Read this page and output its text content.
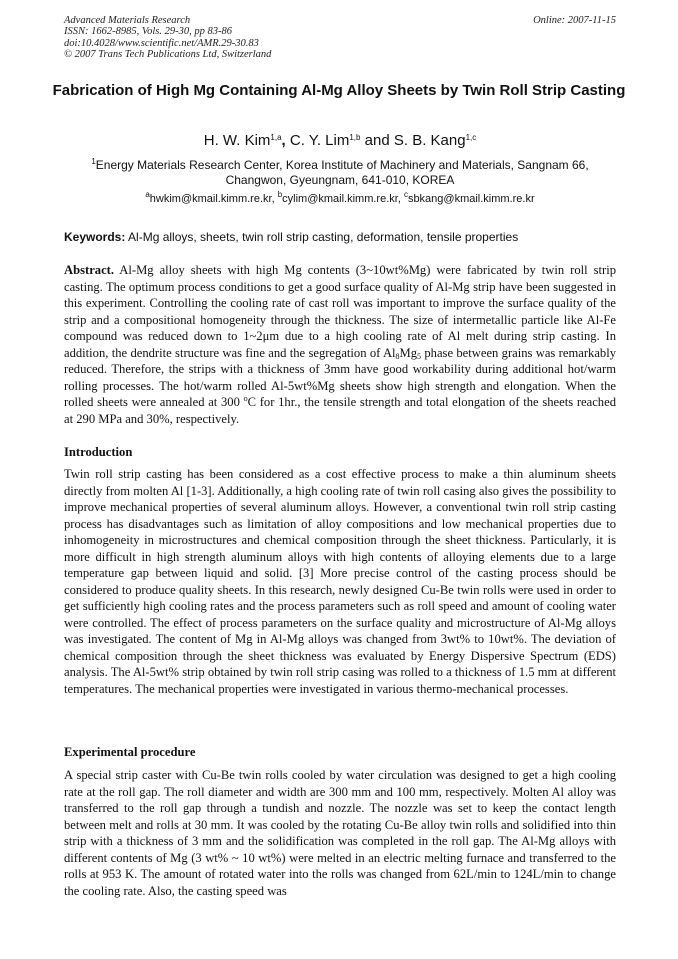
Advanced Materials Research
ISSN: 1662-8985, Vols. 29-30, pp 83-86
doi:10.4028/www.scientific.net/AMR.29-30.83
© 2007 Trans Tech Publications Ltd, Switzerland
Online: 2007-11-15
Fabrication of High Mg Containing Al-Mg Alloy Sheets by Twin Roll Strip Casting
H. W. Kim$^{1,a}$, C. Y. Lim$^{1,b}$ and S. B. Kang$^{1,c}$
$^1$Energy Materials Research Center, Korea Institute of Machinery and Materials, Sangnam 66,
Changwon, Gyeungnam, 641-010, KOREA
$^a$hwkim@kmail.kimm.re.kr, $^b$cylim@kmail.kimm.re.kr, $^c$sbkang@kmail.kimm.re.kr
Keywords: Al-Mg alloys, sheets, twin roll strip casting, deformation, tensile properties
Abstract. Al-Mg alloy sheets with high Mg contents (3~10wt%Mg) were fabricated by twin roll strip casting. The optimum process conditions to get a good surface quality of Al-Mg strip have been suggested in this experiment. Controlling the cooling rate of cast roll was important to improve the surface quality of the strip and a compositional homogeneity through the thickness. The size of intermetallic particle like Al-Fe compound was reduced down to 1~2μm due to a high cooling rate of Al melt during strip casting. In addition, the dendrite structure was fine and the segregation of $Al_8Mg_5$ phase between grains was remarkably reduced. Therefore, the strips with a thickness of 3mm have good workability during additional hot/warm rolling processes. The hot/warm rolled Al-5wt%Mg sheets show high strength and elongation. When the rolled sheets were annealed at 300 $^o$C for 1hr., the tensile strength and total elongation of the sheets reached at 290 MPa and 30%, respectively.
Introduction
Twin roll strip casting has been considered as a cost effective process to make a thin aluminum sheets directly from molten Al [1-3]. Additionally, a high cooling rate of twin roll casing also gives the possibility to improve mechanical properties of several aluminum alloys. However, a conventional twin roll strip casting process has disadvantages such as limitation of alloy compositions and low mechanical properties due to inhomogeneity in microstructures and chemical composition through the sheet thickness. Particularly, it is more difficult in high strength aluminum alloys with high contents of alloying elements due to a large temperature gap between liquid and solid. [3] More precise control of the casting process should be considered to produce quality sheets. In this research, newly designed Cu-Be twin rolls were used in order to get sufficiently high cooling rates and the process parameters such as roll speed and amount of cooling water were controlled. The effect of process parameters on the surface quality and microstructure of Al-Mg alloys was investigated. The content of Mg in Al-Mg alloys was changed from 3wt% to 10wt%. The deviation of chemical composition through the sheet thickness was evaluated by Energy Dispersive Spectrum (EDS) analysis. The Al-5wt% strip obtained by twin roll strip casing was rolled to a thickness of 1.5 mm at different temperatures. The mechanical properties were investigated in various thermo-mechanical processes.
Experimental procedure
A special strip caster with Cu-Be twin rolls cooled by water circulation was designed to get a high cooling rate at the roll gap. The roll diameter and width are 300 mm and 100 mm, respectively. Molten Al alloy was transferred to the roll gap through a tundish and nozzle. The nozzle was set to keep the contact length between melt and rolls at 30 mm. It was cooled by the rotating Cu-Be alloy twin rolls and solidified into thin strip with a thickness of 3 mm and the solidification was completed in the roll gap. The Al-Mg alloys with different contents of Mg (3 wt% ~ 10 wt%) were melted in an electric melting furnace and transferred to the rolls at 953 K. The amount of rotated water into the rolls was changed from 62L/min to 124L/min to change the cooling rate. Also, the casting speed was
